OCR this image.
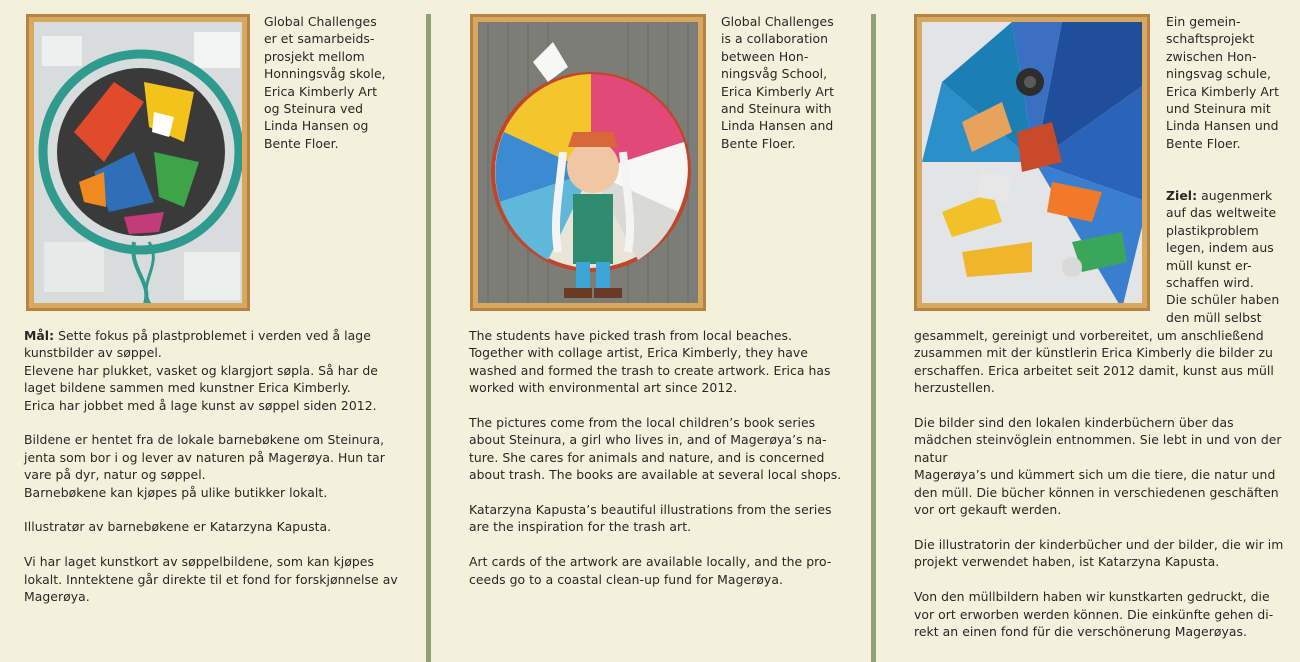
Global Challenges
er et samarbeids-
prosjekt mellom
Honningsvåg skole,
Erica Kimberly Art
og Steinura ved
Linda Hansen og
Bente Floer.

Mål: Sette fokus på plastproblemet i verden ved å lage
kunstbilder av søppel.
Elevene har plukket, vasket og klargjort søpla. Så har de
laget bildene sammen med kunstner Erica Kimberly.
Erica har jobbet med å lage kunst av søppel siden 2012.

Bildene er hentet fra de lokale barnebøkene om Steinura,
jenta som bor i og lever av naturen på Magerøya. Hun tar
vare på dyr, natur og søppel.
Barnebøkene kan kjøpes på ulike butikker lokalt.

Illustratør av barnebøkene er Katarzyna Kapusta.

Vi har laget kunstkort av søppelbildene, som kan kjøpes
lokalt. Inntektene går direkte til et fond for forskjønnelse av
Magerøya.

Global Challenges
is a collaboration
between Hon-
ningsvåg School,
Erica Kimberly Art
and Steinura with
Linda Hansen and
Bente Floer.

The students have picked trash from local beaches.
Together with collage artist, Erica Kimberly, they have
washed and formed the trash to create artwork. Erica has
worked with environmental art since 2012.

The pictures come from the local children’s book series
about Steinura, a girl who lives in, and of Magerøya’s na-
ture. She cares for animals and nature, and is concerned
about trash. The books are available at several local shops.

Katarzyna Kapusta’s beautiful illustrations from the series
are the inspiration for the trash art.

Art cards of the artwork are available locally, and the pro-
ceeds go to a coastal clean-up fund for Magerøya.

Ein gemein-
schaftsprojekt
zwischen Hon-
ningsvag schule,
Erica Kimberly Art
und Steinura mit
Linda Hansen und
Bente Floer.

Ziel: augenmerk
auf das weltweite
plastikproblem
legen, indem aus
müll kunst er-
schaffen wird.
Die schüler haben
den müll selbst

gesammelt, gereinigt und vorbereitet, um anschließend
zusammen mit der künstlerin Erica Kimberly die bilder zu
erschaffen. Erica arbeitet seit 2012 damit, kunst aus müll
herzustellen.

Die bilder sind den lokalen kinderbüchern über das
mädchen steinvöglein entnommen. Sie lebt in und von der
natur
Magerøya’s und kümmert sich um die tiere, die natur und
den müll. Die bücher können in verschiedenen geschäften
vor ort gekauft werden.

Die illustratorin der kinderbücher und der bilder, die wir im
projekt verwendet haben, ist Katarzyna Kapusta.

Von den müllbildern haben wir kunstkarten gedruckt, die
vor ort erworben werden können. Die einkünfte gehen di-
rekt an einen fond für die verschönerung Magerøyas.
